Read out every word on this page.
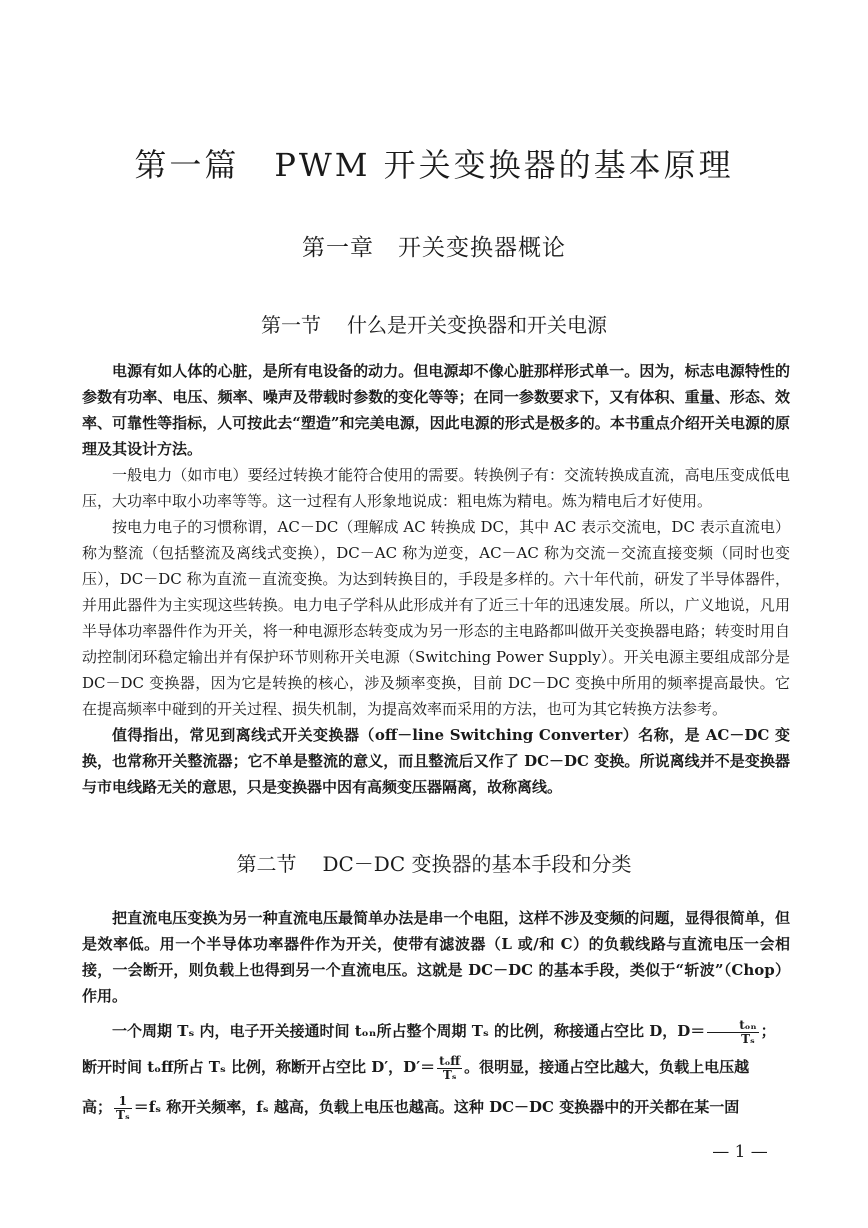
第一篇　PWM 开关变换器的基本原理
第一章　开关变换器概论
第一节 什么是开关变换器和开关电源

电源有如人体的心脏，是所有电设备的动力。但电源却不像心脏那样形式单一。因为，标志电源特性的参数有功率、电压、频率、噪声及带载时参数的变化等等；在同一参数要求下，又有体积、重量、形态、效率、可靠性等指标，人可按此去“塑造”和完美电源，因此电源的形式是极多的。本书重点介绍开关电源的原理及其设计方法。

一般电力（如市电）要经过转换才能符合使用的需要。转换例子有：交流转换成直流，高电压变成低电压，大功率中取小功率等等。这一过程有人形象地说成：粗电炼为精电。炼为精电后才好使用。

按电力电子的习惯称谓，AC－DC（理解成 AC 转换成 DC，其中 AC 表示交流电，DC 表示直流电）称为整流（包括整流及离线式变换），DC－AC 称为逆变，AC－AC 称为交流－交流直接变频（同时也变压），DC－DC 称为直流－直流变换。为达到转换目的，手段是多样的。六十年代前，研发了半导体器件，并用此器件为主实现这些转换。电力电子学科从此形成并有了近三十年的迅速发展。所以，广义地说，凡用半导体功率器件作为开关，将一种电源形态转变成为另一形态的主电路都叫做开关变换器电路；转变时用自动控制闭环稳定输出并有保护环节则称开关电源（Switching Power Supply）。开关电源主要组成部分是 DC－DC 变换器，因为它是转换的核心，涉及频率变换，目前 DC－DC 变换中所用的频率提高最快。它在提高频率中碰到的开关过程、损失机制，为提高效率而采用的方法，也可为其它转换方法参考。

值得指出，常见到离线式开关变换器（off－line Switching Converter）名称，是 AC－DC 变换，也常称开关整流器；它不单是整流的意义，而且整流后又作了 DC－DC 变换。所说离线并不是变换器与市电线路无关的意思，只是变换器中因有高频变压器隔离，故称离线。

第二节 DC－DC 变换器的基本手段和分类

把直流电压变换为另一种直流电压最简单办法是串一个电阻，这样不涉及变频的问题，显得很简单，但是效率低。用一个半导体功率器件作为开关，使带有滤波器（L 或/和 C）的负载线路与直流电压一会相接，一会断开，则负载上也得到另一个直流电压。这就是 DC－DC 的基本手段，类似于“斩波”（Chop）作用。

一个周期 Tₛ 内，电子开关接通时间 tₒₙ所占整个周期 Tₛ 的比例，称接通占空比 D，$D= \frac{\text{tₒₙ}}{\text{Tₛ}}$ ；

断开时间 tₒff所占 Tₛ 比例，称断开占空比 D′，$D'= \frac{\text{tₒff}}{\text{Tₛ}}$ 。很明显，接通占空比越大，负载上电压越

高； $\frac{1}{\text{Tₛ}} =f_s$ 称开关频率，fₛ 越高，负载上电压也越高。这种 DC－DC 变换器中的开关都在某一固

— 1 —
